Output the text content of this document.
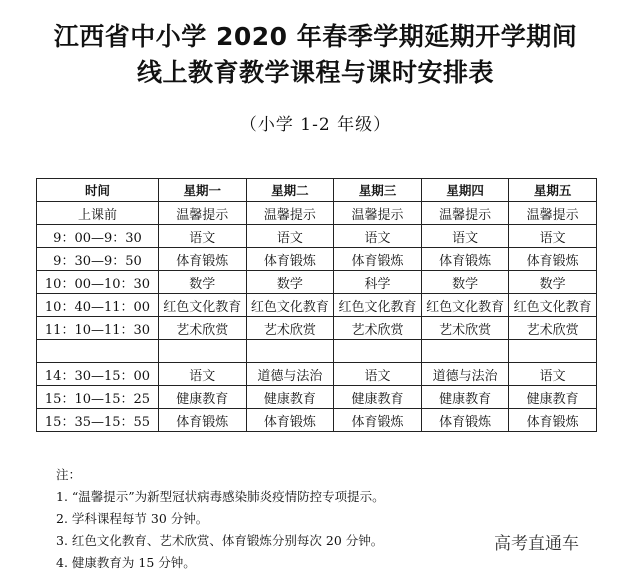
江西省中小学 2020 年春季学期延期开学期间
线上教育教学课程与课时安排表
（小学 1-2 年级）
时间	星期一	星期二	星期三	星期四	星期五
上课前	温馨提示	温馨提示	温馨提示	温馨提示	温馨提示
9：00—9：30	语文	语文	语文	语文	语文
9：30—9：50	体育锻炼	体育锻炼	体育锻炼	体育锻炼	体育锻炼
10：00—10：30	数学	数学	科学	数学	数学
10：40—11：00	红色文化教育	红色文化教育	红色文化教育	红色文化教育	红色文化教育
11：10—11：30	艺术欣赏	艺术欣赏	艺术欣赏	艺术欣赏	艺术欣赏

14：30—15：00	语文	道德与法治	语文	道德与法治	语文
15：10—15：25	健康教育	健康教育	健康教育	健康教育	健康教育
15：35—15：55	体育锻炼	体育锻炼	体育锻炼	体育锻炼	体育锻炼
注：
1. “温馨提示”为新型冠状病毒感染肺炎疫情防控专项提示。
2. 学科课程每节 30 分钟。
3. 红色文化教育、艺术欣赏、体育锻炼分别每次 20 分钟。
4. 健康教育为 15 分钟。
高考直通车
